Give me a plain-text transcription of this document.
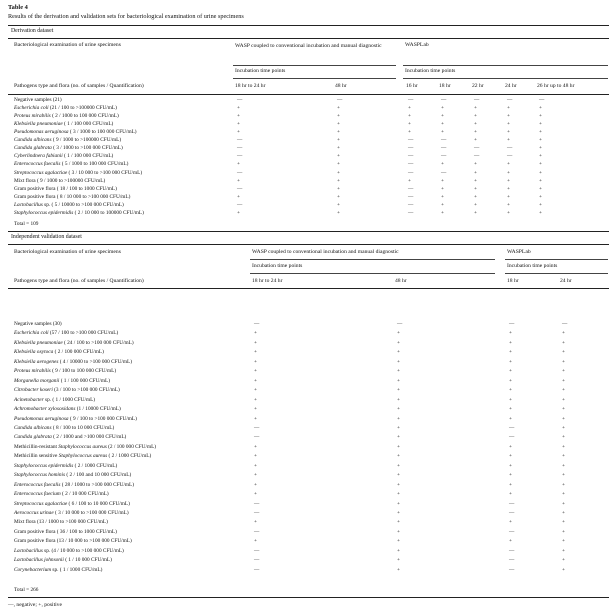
Table 4
Results of the derivation and validation sets for bacteriological examination of urine specimens
Derivation dataset
Bacteriological examination of urine specimens	WASP coupled to conventional incubation and manual diagnostic	WASPLab
Incubation time points	Incubation time points
Pathogens type and flora (no. of samples / Quantification)	18 hr to 24 hr	48 hr	16 hr	18 hr	22 hr	24 hr	26 hr up to 48 hr
Negative samples (21)	—	—	—	—	—	—	—
Escherichia coli (21 / 100 to >100000 CFU/mL)	+	+	+	+	+	+	+
Proteus mirabilis ( 2 / 1000 to 100 000 CFU/mL)	+	+	+	+	+	+	+
Klebsiella pneumoniae ( 1 / 100 000 CFU/mL)	+	+	+	+	+	+	+
Pseudomonas aeruginosa ( 3 / 1000 to 100 000 CFU/mL)	+	+	+	+	+	+	+
Candida albicans ( 9 / 1000 to >100000 CFU/mL)	—	+	—	—	+	+	+
Candida glabrata ( 3 / 1000 to >100 000 CFU/mL)	—	+	—	—	—	—	+
Cyberlindnera fabianii ( 1 / 100 000 CFU/mL)	—	+	—	—	—	—	+
Enterococcus faecalis ( 5 / 1000 to 100 000 CFU/mL)	+	+	—	+	+	+	+
Streptococcus agalactiae ( 3 / 10 000 to >100 000 CFU/mL)	—	+	—	—	+	+	+
Mixt flora ( 9 / 1000 to >100000 CFU/mL)	+	+	+	+	+	+	+
Gram positive flora ( 18 / 100 to 1000 CFU/mL)	—	+	—	+	+	+	+
Gram positive flora ( 8 / 10 000 to >100 000 CFU/mL)	+	+	—	+	+	+	+
Lactobacillus sp. ( 5 / 10000 to >100 000 CFU/mL)	—	+	—	+	+	+	+
Staphylococcus epidermidis ( 2 / 10 000 to 100000 CFU/mL)	+	+	—	+	+	+	+
Total = 109
Independent validation dataset
Bacteriological examination of urine specimens	WASP coupled to conventional incubation and manual diagnostic	WASPLab
Incubation time points	Incubation time points
Pathogens type and flora (no. of samples / Quantification)	18 hr to 24 hr	48 hr	18 hr	24 hr
Negative samples (30)	—	—	—	—
Escherichia coli (57 / 100 to >100 000 CFU/mL)	+	+	+	+
Klebsiella pneumoniae ( 24 / 100 to >100 000 CFU/mL)	+	+	+	+
Klebsiella oxytoca ( 2 / 100 000 CFU/mL)	+	+	+	+
Klebsiella aerogenes ( 4 / 10000 to >100 000 CFU/mL)	+	+	+	+
Proteus mirabilis ( 9 / 100 to 100 000 CFU/mL)	+	+	+	+
Morganella morganii ( 1 / 100 000 CFU/mL)	+	+	+	+
Citrobacter koseri (3 / 100 to >100 000 CFU/mL)	+	+	+	+
Acinetobacter sp. ( 1 / 1000 CFU/mL)	+	+	+	+
Achromobacter xylosoxidans (1 / 10000 CFU/mL)	+	+	+	+
Pseudomonas aeruginosa ( 9 / 100 to >100 000 CFU/mL)	+	+	+	+
Candida albicans ( 8 / 100 to 10 000 CFU/mL)	—	+	—	+
Candida glabrata ( 2 / 1000 and >100 000 CFU/mL)	—	+	—	+
Methicillin-resistant Staphylococcus aureus (2 / 100 000 CFU/mL)	+	+	+	+
Methicillin sensitive Staphylococcus aureus ( 2 / 1000 CFU/mL)	+	+	+	+
Staphylococcus epidermidis ( 2 / 1000 CFU/mL)	+	+	+	+
Staphylococcus hominis ( 2 / 100 and 10 000 CFU/mL)	+	+	+	+
Enterococcus faecalis ( 28 / 1000 to >100 000 CFU/mL)	+	+	+	+
Enterococcus faecium ( 2 / 10 000 CFU/mL)	+	+	+	+
Streptococcus agalactiae ( 6 / 100 to 10 000 CFU/mL)	—	+	—	+
Aerococcus urinae ( 3 / 10 000 to >100 000 CFU/mL)	—	+	—	+
Mixt flora (13 / 1000 to >100 000 CFU/mL)	+	+	+	+
Gram positive flora ( 36 / 100 to 1000 CFU/mL)	—	+	—	+
Gram positive flora (13 / 10 000 to >100 000 CFU/mL)	+	+	+	+
Lactobacillus sp. (4 / 10 000 to >100 000 CFU/mL)	—	+	—	+
Lactobacillus johnsonii ( 1 / 10 000 CFU/mL)	—	+	—	+
Corynebacterium sp. ( 1 / 1000 CFU/mL)	—	+	—	+
Total = 266
—, negative; +, positive
